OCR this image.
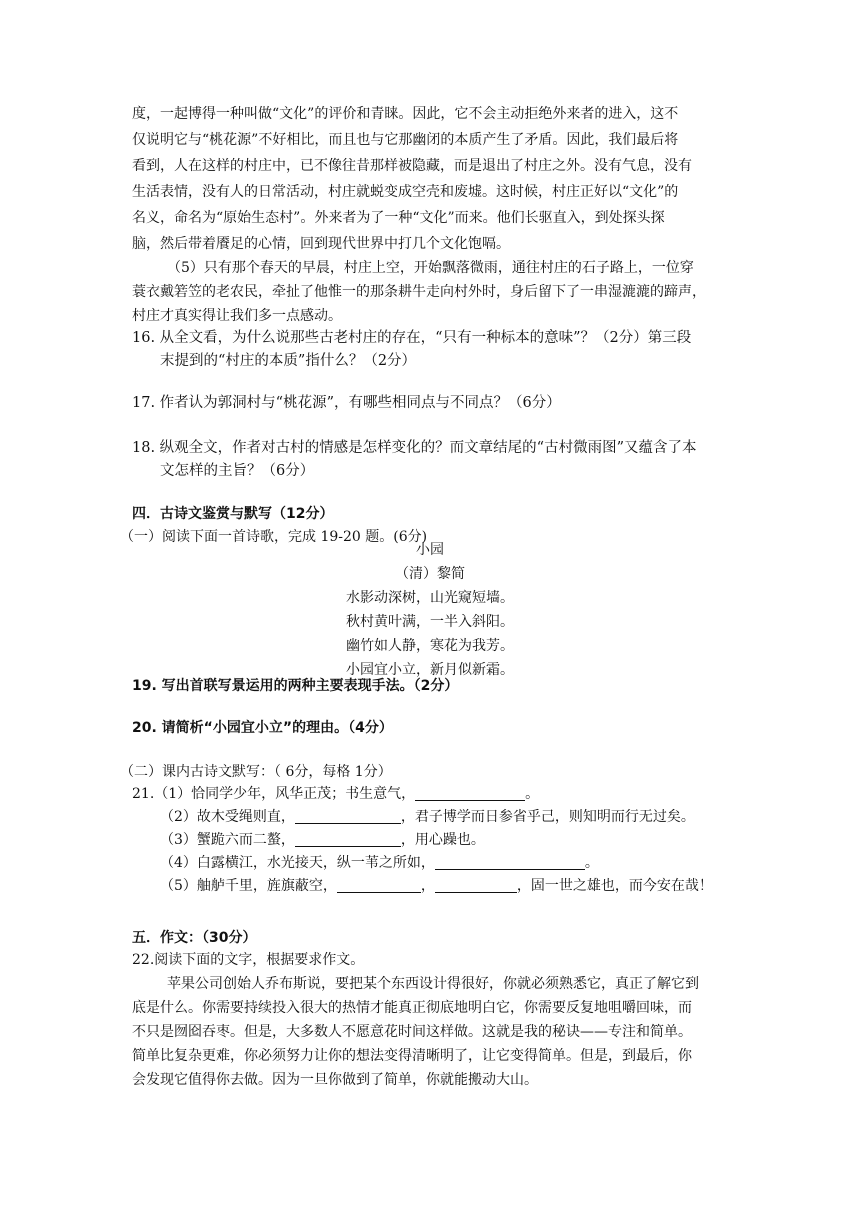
度，一起博得一种叫做“文化”的评价和青睐。因此，它不会主动拒绝外来者的进入，这不
仅说明它与“桃花源”不好相比，而且也与它那幽闭的本质产生了矛盾。因此，我们最后将
看到，人在这样的村庄中，已不像往昔那样被隐藏，而是退出了村庄之外。没有气息，没有
生活表情，没有人的日常活动，村庄就蜕变成空壳和废墟。这时候，村庄正好以“文化”的
名义，命名为“原始生态村”。外来者为了一种“文化”而来。他们长驱直入，到处探头探
脑，然后带着餍足的心情，回到现代世界中打几个文化饱嗝。
（5）只有那个春天的早晨，村庄上空，开始飘落微雨，通往村庄的石子路上，一位穿
蓑衣戴箬笠的老农民，牵扯了他惟一的那条耕牛走向村外时，身后留下了一串湿漉漉的蹄声，
村庄才真实得让我们多一点感动。
16. 从全文看，为什么说那些古老村庄的存在，“只有一种标本的意味”？（2分）第三段
末提到的“村庄的本质”指什么？（2分）
17. 作者认为郭洞村与“桃花源”，有哪些相同点与不同点？（6分）
18. 纵观全文，作者对古村的情感是怎样变化的？而文章结尾的“古村微雨图”又蕴含了本
文怎样的主旨？（6分）
四．古诗文鉴赏与默写（12分）
（一）阅读下面一首诗歌，完成 19-20 题。(6分)
小园
（清）黎简
水影动深树，山光窥短墙。
秋村黄叶满，一半入斜阳。
幽竹如人静，寒花为我芳。
小园宜小立，新月似新霜。
19. 写出首联写景运用的两种主要表现手法。（2分）
20. 请简析“小园宜小立”的理由。（4分）
（二）课内古诗文默写：（ 6分，每格 1分）
21.（1）恰同学少年，风华正茂；书生意气，	。
（2）故木受绳则直，	，君子博学而日参省乎己，则知明而行无过矣。
（3）蟹跪六而二螯，	，用心躁也。
（4）白露横江，水光接天，纵一苇之所如，	。
（5）舳舻千里，旌旗蔽空，	，	，固一世之雄也，而今安在哉！
五．作文：（30分）
22.阅读下面的文字，根据要求作文。
苹果公司创始人乔布斯说，要把某个东西设计得很好，你就必须熟悉它，真正了解它到
底是什么。你需要持续投入很大的热情才能真正彻底地明白它，你需要反复地咀嚼回味，而
不只是囫囵吞枣。但是，大多数人不愿意花时间这样做。这就是我的秘诀——专注和简单。
简单比复杂更难，你必须努力让你的想法变得清晰明了，让它变得简单。但是，到最后，你
会发现它值得你去做。因为一旦你做到了简单，你就能搬动大山。
